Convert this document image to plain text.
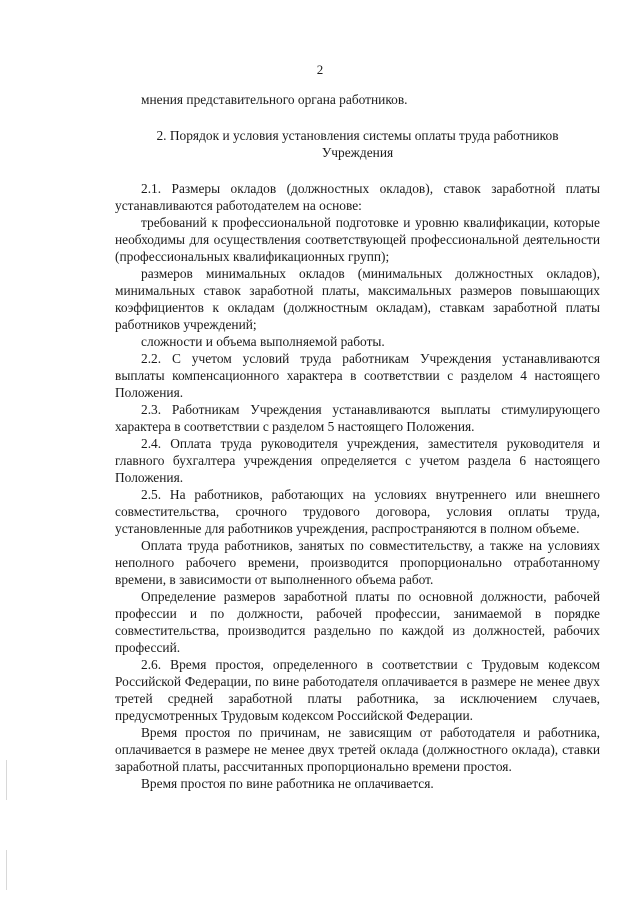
2

мнения представительного органа работников.

2. Порядок и условия установления системы оплаты труда работников Учреждения

2.1. Размеры окладов (должностных окладов), ставок заработной платы устанавливаются работодателем на основе:

требований к профессиональной подготовке и уровню квалификации, которые необходимы для осуществления соответствующей профессиональной деятельности (профессиональных квалификационных групп);

размеров минимальных окладов (минимальных должностных окладов), минимальных ставок заработной платы, максимальных размеров повышающих коэффициентов к окладам (должностным окладам), ставкам заработной платы работников учреждений;

сложности и объема выполняемой работы.

2.2. С учетом условий труда работникам Учреждения устанавливаются выплаты компенсационного характера в соответствии с разделом 4 настоящего Положения.

2.3. Работникам Учреждения устанавливаются выплаты стимулирующего характера в соответствии с разделом 5 настоящего Положения.

2.4. Оплата труда руководителя учреждения, заместителя руководителя и главного бухгалтера учреждения определяется с учетом раздела 6 настоящего Положения.

2.5. На работников, работающих на условиях внутреннего или внешнего совместительства, срочного трудового договора, условия оплаты труда, установленные для работников учреждения, распространяются в полном объеме.

Оплата труда работников, занятых по совместительству, а также на условиях неполного рабочего времени, производится пропорционально отработанному времени, в зависимости от выполненного объема работ.

Определение размеров заработной платы по основной должности, рабочей профессии и по должности, рабочей профессии, занимаемой в порядке совместительства, производится раздельно по каждой из должностей, рабочих профессий.

2.6. Время простоя, определенного в соответствии с Трудовым кодексом Российской Федерации, по вине работодателя оплачивается в размере не менее двух третей средней заработной платы работника, за исключением случаев, предусмотренных Трудовым кодексом Российской Федерации.

Время простоя по причинам, не зависящим от работодателя и работника, оплачивается в размере не менее двух третей оклада (должностного оклада), ставки заработной платы, рассчитанных пропорционально времени простоя.

Время простоя по вине работника не оплачивается.
